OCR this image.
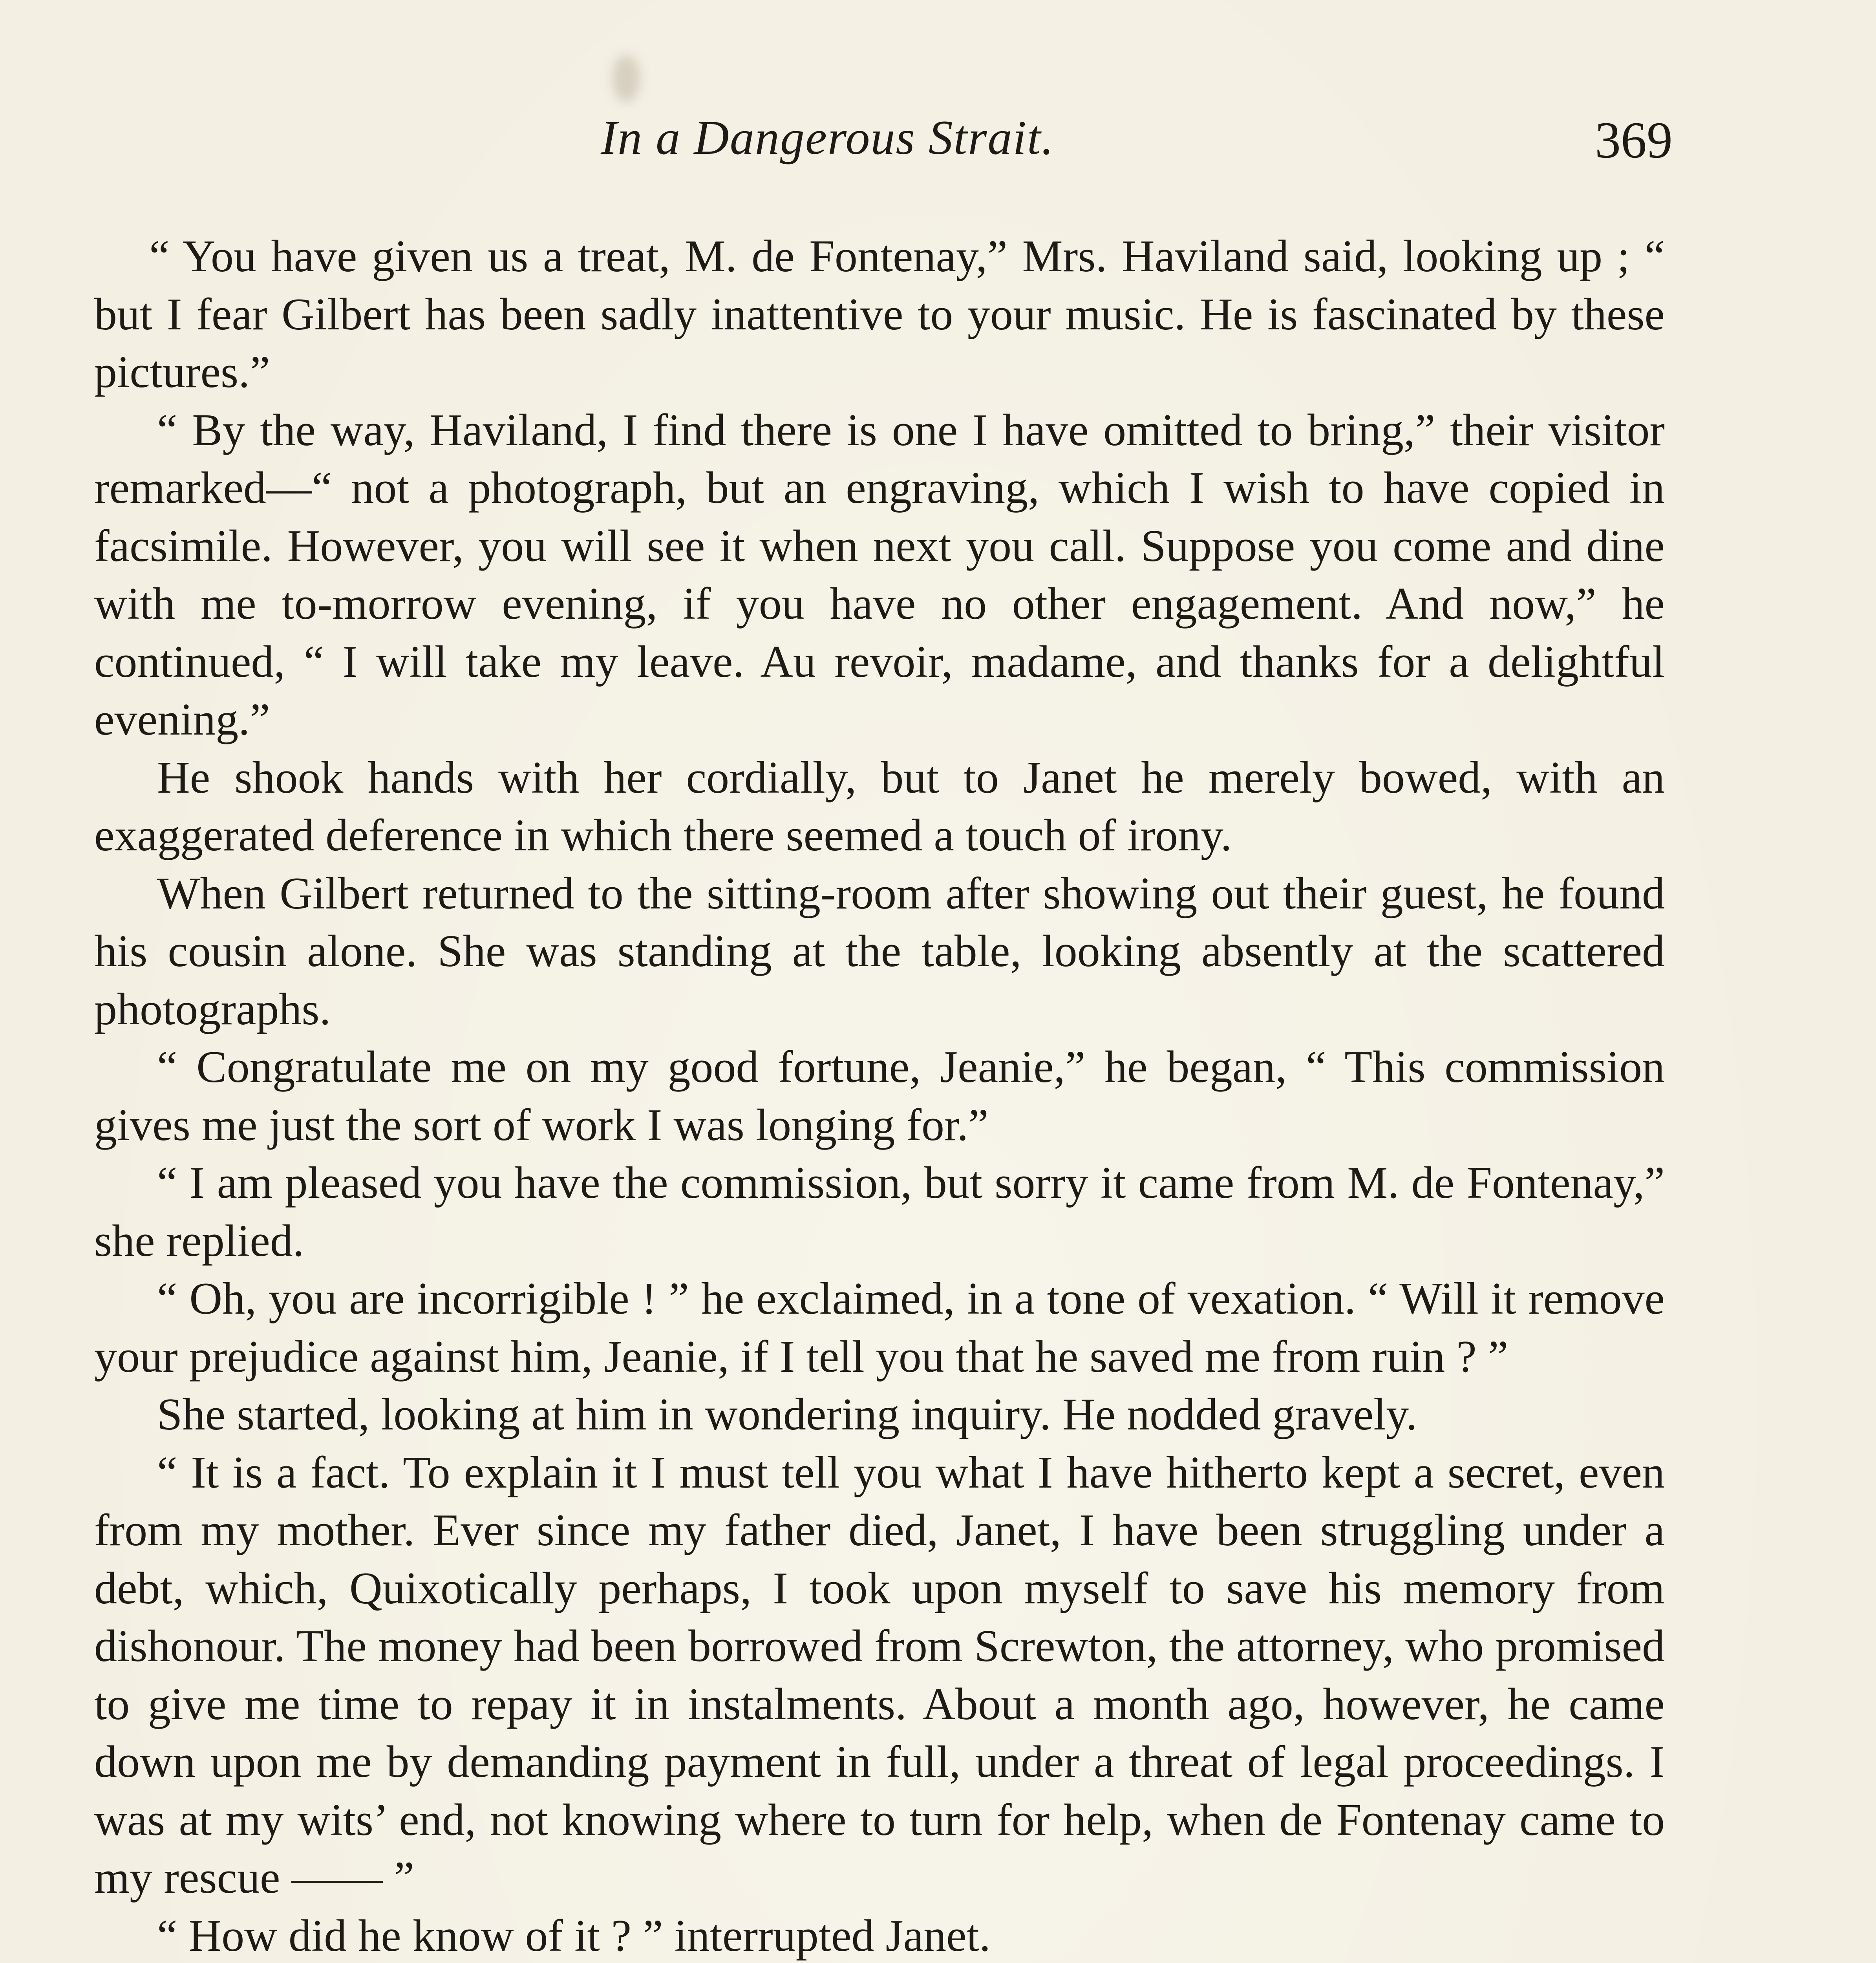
In a Dangerous Strait.	369

“ You have given us a treat, M. de Fontenay,” Mrs. Haviland said, looking up ; “ but I fear Gilbert has been sadly inattentive to your music. He is fascinated by these pictures.”

“ By the way, Haviland, I find there is one I have omitted to bring,” their visitor remarked—“ not a photograph, but an engraving, which I wish to have copied in facsimile. However, you will see it when next you call. Suppose you come and dine with me to-morrow evening, if you have no other engagement. And now,” he continued, “ I will take my leave. Au revoir, madame, and thanks for a delightful evening.”

He shook hands with her cordially, but to Janet he merely bowed, with an exaggerated deference in which there seemed a touch of irony.

When Gilbert returned to the sitting-room after showing out their guest, he found his cousin alone. She was standing at the table, looking absently at the scattered photographs.

“ Congratulate me on my good fortune, Jeanie,” he began, “ This commission gives me just the sort of work I was longing for.”

“ I am pleased you have the commission, but sorry it came from M. de Fontenay,” she replied.

“ Oh, you are incorrigible ! ” he exclaimed, in a tone of vexation. “ Will it remove your prejudice against him, Jeanie, if I tell you that he saved me from ruin ? ”

She started, looking at him in wondering inquiry. He nodded gravely.

“ It is a fact. To explain it I must tell you what I have hitherto kept a secret, even from my mother. Ever since my father died, Janet, I have been struggling under a debt, which, Quixotically perhaps, I took upon myself to save his memory from dishonour. The money had been borrowed from Screwton, the attorney, who promised to give me time to repay it in instalments. About a month ago, however, he came down upon me by demanding payment in full, under a threat of legal proceedings. I was at my wits’ end, not knowing where to turn for help, when de Fontenay came to my rescue —— ”

“ How did he know of it ? ” interrupted Janet.
